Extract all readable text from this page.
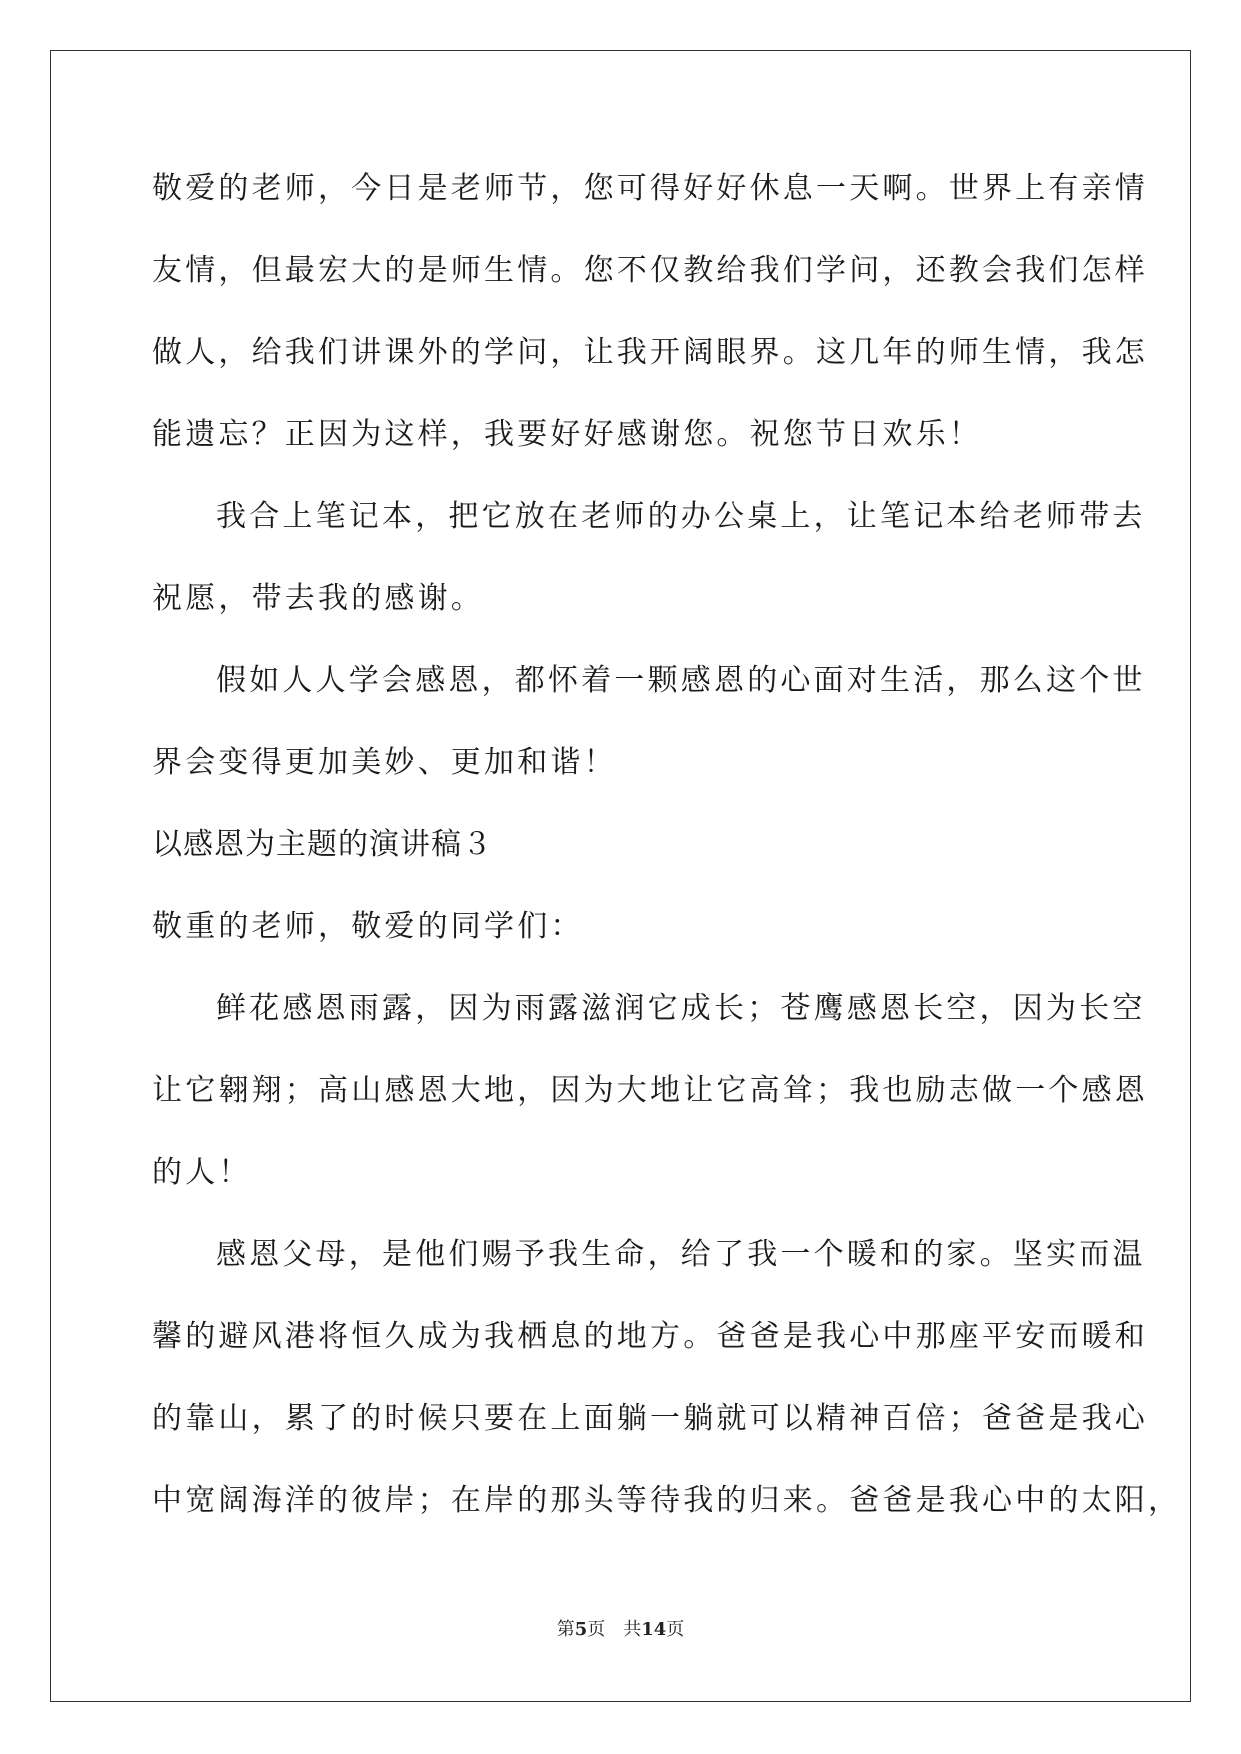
敬爱的老师，今日是老师节，您可得好好休息一天啊。世界上有亲情
友情，但最宏大的是师生情。您不仅教给我们学问，还教会我们怎样
做人，给我们讲课外的学问，让我开阔眼界。这几年的师生情，我怎
能遗忘？正因为这样，我要好好感谢您。祝您节日欢乐！
我合上笔记本，把它放在老师的办公桌上，让笔记本给老师带去
祝愿，带去我的感谢。
假如人人学会感恩，都怀着一颗感恩的心面对生活，那么这个世
界会变得更加美妙、更加和谐！
以感恩为主题的演讲稿３
敬重的老师，敬爱的同学们：
鲜花感恩雨露，因为雨露滋润它成长；苍鹰感恩长空，因为长空
让它翱翔；高山感恩大地，因为大地让它高耸；我也励志做一个感恩
的人！
感恩父母，是他们赐予我生命，给了我一个暖和的家。坚实而温
馨的避风港将恒久成为我栖息的地方。爸爸是我心中那座平安而暖和
的靠山，累了的时候只要在上面躺一躺就可以精神百倍；爸爸是我心
中宽阔海洋的彼岸；在岸的那头等待我的归来。爸爸是我心中的太阳，
第5页 共14页
